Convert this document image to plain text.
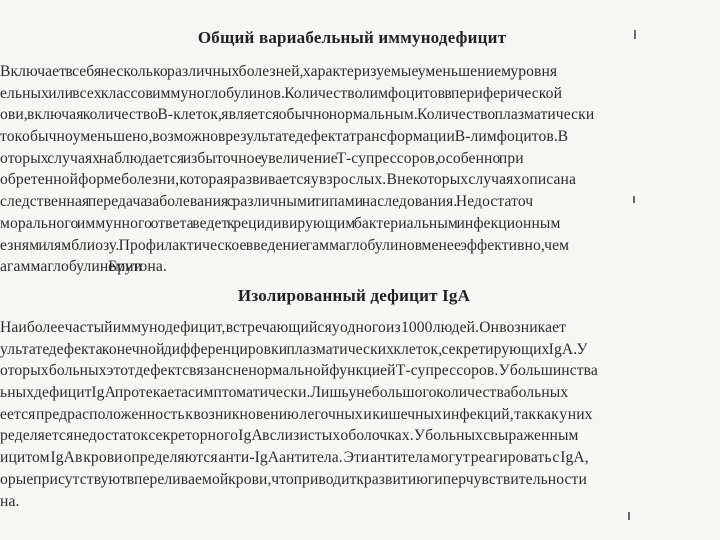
Общий вариабельный иммунодефицит
Включает в себя несколько различных болезней, характеризуемые уменьшением уровня
ельных или всех классов иммуноглобулинов. Количество лимфоцитов в периферической
ови, включая количество B-клеток, является обычно нормальным. Количество плазматически
ток обычно уменьшено, возможно в результате дефекта трансформации B-лимфоцитов. В
оторых случаях наблюдается избыточное увеличение Т-супрессоров, особенно при
обретенной форме болезни, которая развивается у взрослых. В некоторых случаях описана
следственная передача заболевания с различными типами наследования. Недостаточ
морального иммунного ответа ведет к рецидивирующим бактериальным инфекционным
езням и лямблиозу. Профилактическое введение гаммаглобулинов менее эффективно, чем
агаммаглобулинемии Брутона.
Изолированный дефицит IgA
Наиболее частый иммунодефицит, встречающийся у одного из 1000 людей. Он возникает
ультате дефекта конечной дифференцировки плазматических клеток, секретирующих IgA. У
оторых больных этот дефект связан с ненормальной функцией Т-супрессоров. У большинства
ьных дефицит IgA протекает асимптоматически. Лишь у небольшого количества больных
еется предрасположенность к возникновению легочных и кишечных инфекций, так как у них
ределяется недостаток секреторного IgA в слизистых оболочках. У больных с выраженным
ицитом IgA в крови определяются анти-IgA антитела. Эти антитела могут реагировать с IgA,
орые присутствуют в переливаемой крови, что приводит к развитию гиперчувствительности
на.
